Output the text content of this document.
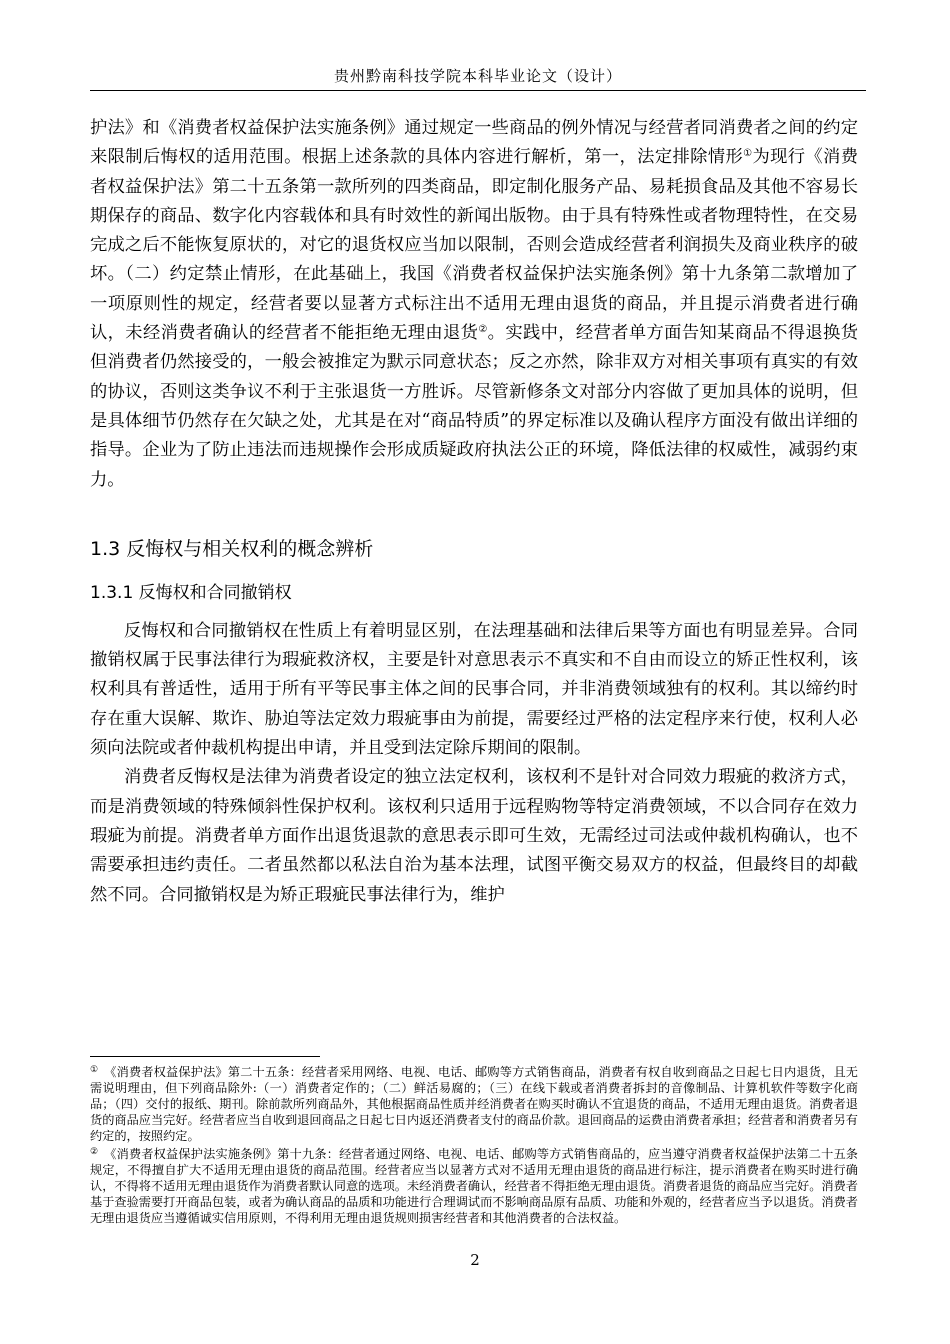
贵州黔南科技学院本科毕业论文（设计）

护法》和《消费者权益保护法实施条例》通过规定一些商品的例外情况与经营者同消费者之间的约定来限制后悔权的适用范围。根据上述条款的具体内容进行解析，第一，法定排除情形①为现行《消费者权益保护法》第二十五条第一款所列的四类商品，即定制化服务产品、易耗损食品及其他不容易长期保存的商品、数字化内容载体和具有时效性的新闻出版物。由于具有特殊性或者物理特性，在交易完成之后不能恢复原状的，对它的退货权应当加以限制，否则会造成经营者利润损失及商业秩序的破坏。（二）约定禁止情形，在此基础上，我国《消费者权益保护法实施条例》第十九条第二款增加了一项原则性的规定，经营者要以显著方式标注出不适用无理由退货的商品，并且提示消费者进行确认，未经消费者确认的经营者不能拒绝无理由退货②。实践中，经营者单方面告知某商品不得退换货但消费者仍然接受的，一般会被推定为默示同意状态；反之亦然，除非双方对相关事项有真实的有效的协议，否则这类争议不利于主张退货一方胜诉。尽管新修条文对部分内容做了更加具体的说明，但是具体细节仍然存在欠缺之处，尤其是在对“商品特质”的界定标准以及确认程序方面没有做出详细的指导。企业为了防止违法而违规操作会形成质疑政府执法公正的环境，降低法律的权威性，减弱约束力。

1.3 反悔权与相关权利的概念辨析
1.3.1 反悔权和合同撤销权

反悔权和合同撤销权在性质上有着明显区别，在法理基础和法律后果等方面也有明显差异。合同撤销权属于民事法律行为瑕疵救济权，主要是针对意思表示不真实和不自由而设立的矫正性权利，该权利具有普适性，适用于所有平等民事主体之间的民事合同，并非消费领域独有的权利。其以缔约时存在重大误解、欺诈、胁迫等法定效力瑕疵事由为前提，需要经过严格的法定程序来行使，权利人必须向法院或者仲裁机构提出申请，并且受到法定除斥期间的限制。

消费者反悔权是法律为消费者设定的独立法定权利，该权利不是针对合同效力瑕疵的救济方式，而是消费领域的特殊倾斜性保护权利。该权利只适用于远程购物等特定消费领域，不以合同存在效力瑕疵为前提。消费者单方面作出退货退款的意思表示即可生效，无需经过司法或仲裁机构确认，也不需要承担违约责任。二者虽然都以私法自治为基本法理，试图平衡交易双方的权益，但最终目的却截然不同。合同撤销权是为矫正瑕疵民事法律行为，维护

① 《消费者权益保护法》第二十五条：经营者采用网络、电视、电话、邮购等方式销售商品，消费者有权自收到商品之日起七日内退货，且无需说明理由，但下列商品除外:（一）消费者定作的；（二）鲜活易腐的；（三）在线下载或者消费者拆封的音像制品、计算机软件等数字化商品；（四）交付的报纸、期刊。除前款所列商品外，其他根据商品性质并经消费者在购买时确认不宜退货的商品，不适用无理由退货。消费者退货的商品应当完好。经营者应当自收到退回商品之日起七日内返还消费者支付的商品价款。退回商品的运费由消费者承担；经营者和消费者另有约定的，按照约定。

② 《消费者权益保护法实施条例》第十九条：经营者通过网络、电视、电话、邮购等方式销售商品的，应当遵守消费者权益保护法第二十五条规定，不得擅自扩大不适用无理由退货的商品范围。经营者应当以显著方式对不适用无理由退货的商品进行标注，提示消费者在购买时进行确认，不得将不适用无理由退货作为消费者默认同意的选项。未经消费者确认，经营者不得拒绝无理由退货。消费者退货的商品应当完好。消费者基于查验需要打开商品包装，或者为确认商品的品质和功能进行合理调试而不影响商品原有品质、功能和外观的，经营者应当予以退货。消费者无理由退货应当遵循诚实信用原则，不得利用无理由退货规则损害经营者和其他消费者的合法权益。

2
